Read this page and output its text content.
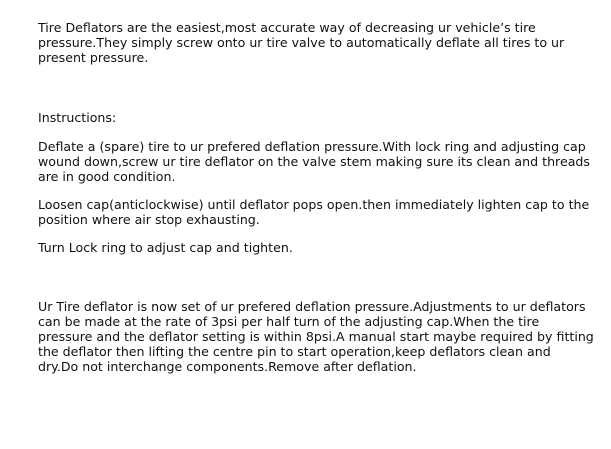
Tire Deflators are the easiest,most accurate way of decreasing ur vehicle’s tire pressure.They simply screw onto ur tire valve to automatically deflate all tires to ur present pressure.

Instructions:

Deflate a (spare) tire to ur prefered deflation pressure.With lock ring and adjusting cap wound down,screw ur tire deflator on the valve stem making sure its clean and threads are in good condition.

Loosen cap(anticlockwise) until deflator pops open.then immediately lighten cap to the position where air stop exhausting.

Turn Lock ring to adjust cap and tighten.

Ur Tire deflator is now set of ur prefered deflation pressure.Adjustments to ur deflators can be made at the rate of 3psi per half turn of the adjusting cap.When the tire pressure and the deflator setting is within 8psi.A manual start maybe required by fitting the deflator then lifting the centre pin to start operation,keep deflators clean and dry.Do not interchange components.Remove after deflation.
